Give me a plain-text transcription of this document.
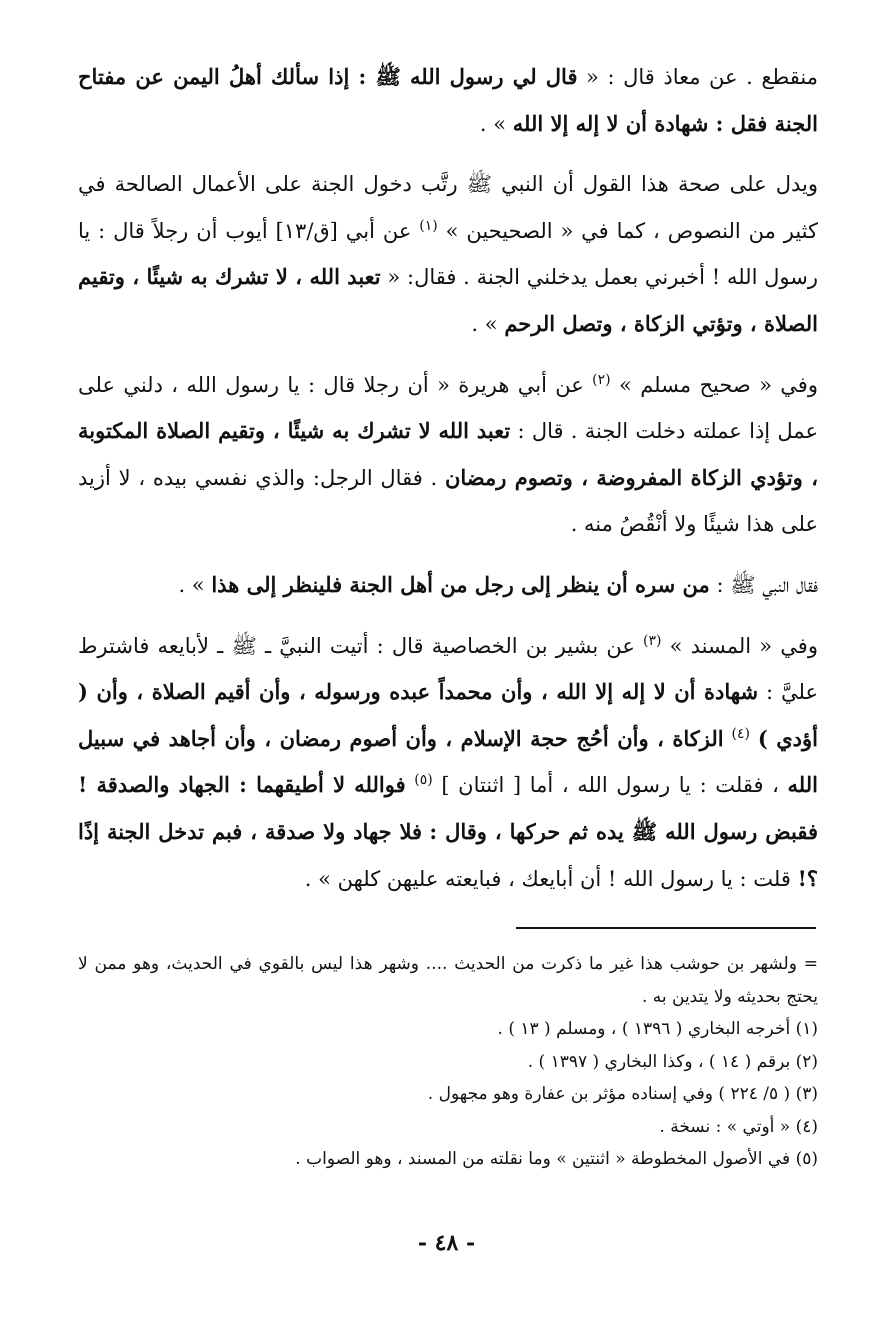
منقطع . عن معاذ قال : « قال لي رسول الله ﷺ : إذا سألك أهلُ اليمن عن مفتاح الجنة فقل : شهادة أن لا إله إلا الله » .

ويدل على صحة هذا القول أن النبي ﷺ رتَّب دخول الجنة على الأعمال الصالحة في كثير من النصوص ، كما في « الصحيحين » $^{(١)}$ عن أبي [ق/١٣] أيوب أن رجلاً قال : يا رسول الله ! أخبرني بعمل يدخلني الجنة . فقال: « تعبد الله ، لا تشرك به شيئًا ، وتقيم الصلاة ، وتؤتي الزكاة ، وتصل الرحم » .

وفي « صحيح مسلم » $^{(٢)}$ عن أبي هريرة « أن رجلا قال : يا رسول الله ، دلني على عمل إذا عملته دخلت الجنة . قال : تعبد الله لا تشرك به شيئًا ، وتقيم الصلاة المكتوبة ، وتؤدي الزكاة المفروضة ، وتصوم رمضان . فقال الرجل: والذي نفسي بيده ، لا أزيد على هذا شيئًا ولا أنْقُصُ منه .

فقال النبي ﷺ : من سره أن ينظر إلى رجل من أهل الجنة فلينظر إلى هذا » .

وفي « المسند » $^{(٣)}$ عن بشير بن الخصاصية قال : أتيت النبيَّ ـ ﷺ ـ لأبايعه فاشترط عليَّ : شهادة أن لا إله إلا الله ، وأن محمداً عبده ورسوله ، وأن أقيم الصلاة ، وأن ( أؤدي ) $^{(٤)}$ الزكاة ، وأن أحُج حجة الإسلام ، وأن أصوم رمضان ، وأن أجاهد في سبيل الله ، فقلت : يا رسول الله ، أما [ اثنتان ] $^{(٥)}$ فوالله لا أطيقهما : الجهاد والصدقة ! فقبض رسول الله ﷺ يده ثم حركها ، وقال : فلا جهاد ولا صدقة ، فبم تدخل الجنة إذًا ؟! قلت : يا رسول الله ! أن أبايعك ، فبايعته عليهن كلهن » .

= ولشهر بن حوشب هذا غير ما ذكرت من الحديث .... وشهر هذا ليس بالقوي في الحديث، وهو ممن لا يحتج بحديثه ولا يتدين به .

(١) أخرجه البخاري ( ١٣٩٦ ) ، ومسلم ( ١٣ ) .

(٢) برقم ( ١٤ ) ، وكذا البخاري ( ١٣٩٧ ) .

(٣) ( ٥/ ٢٢٤ ) وفي إسناده مؤثر بن عفارة وهو مجهول .

(٤) « أوتي » : نسخة .

(٥) في الأصول المخطوطة « اثنتين » وما نقلته من المسند ، وهو الصواب .

- ٤٨ -
